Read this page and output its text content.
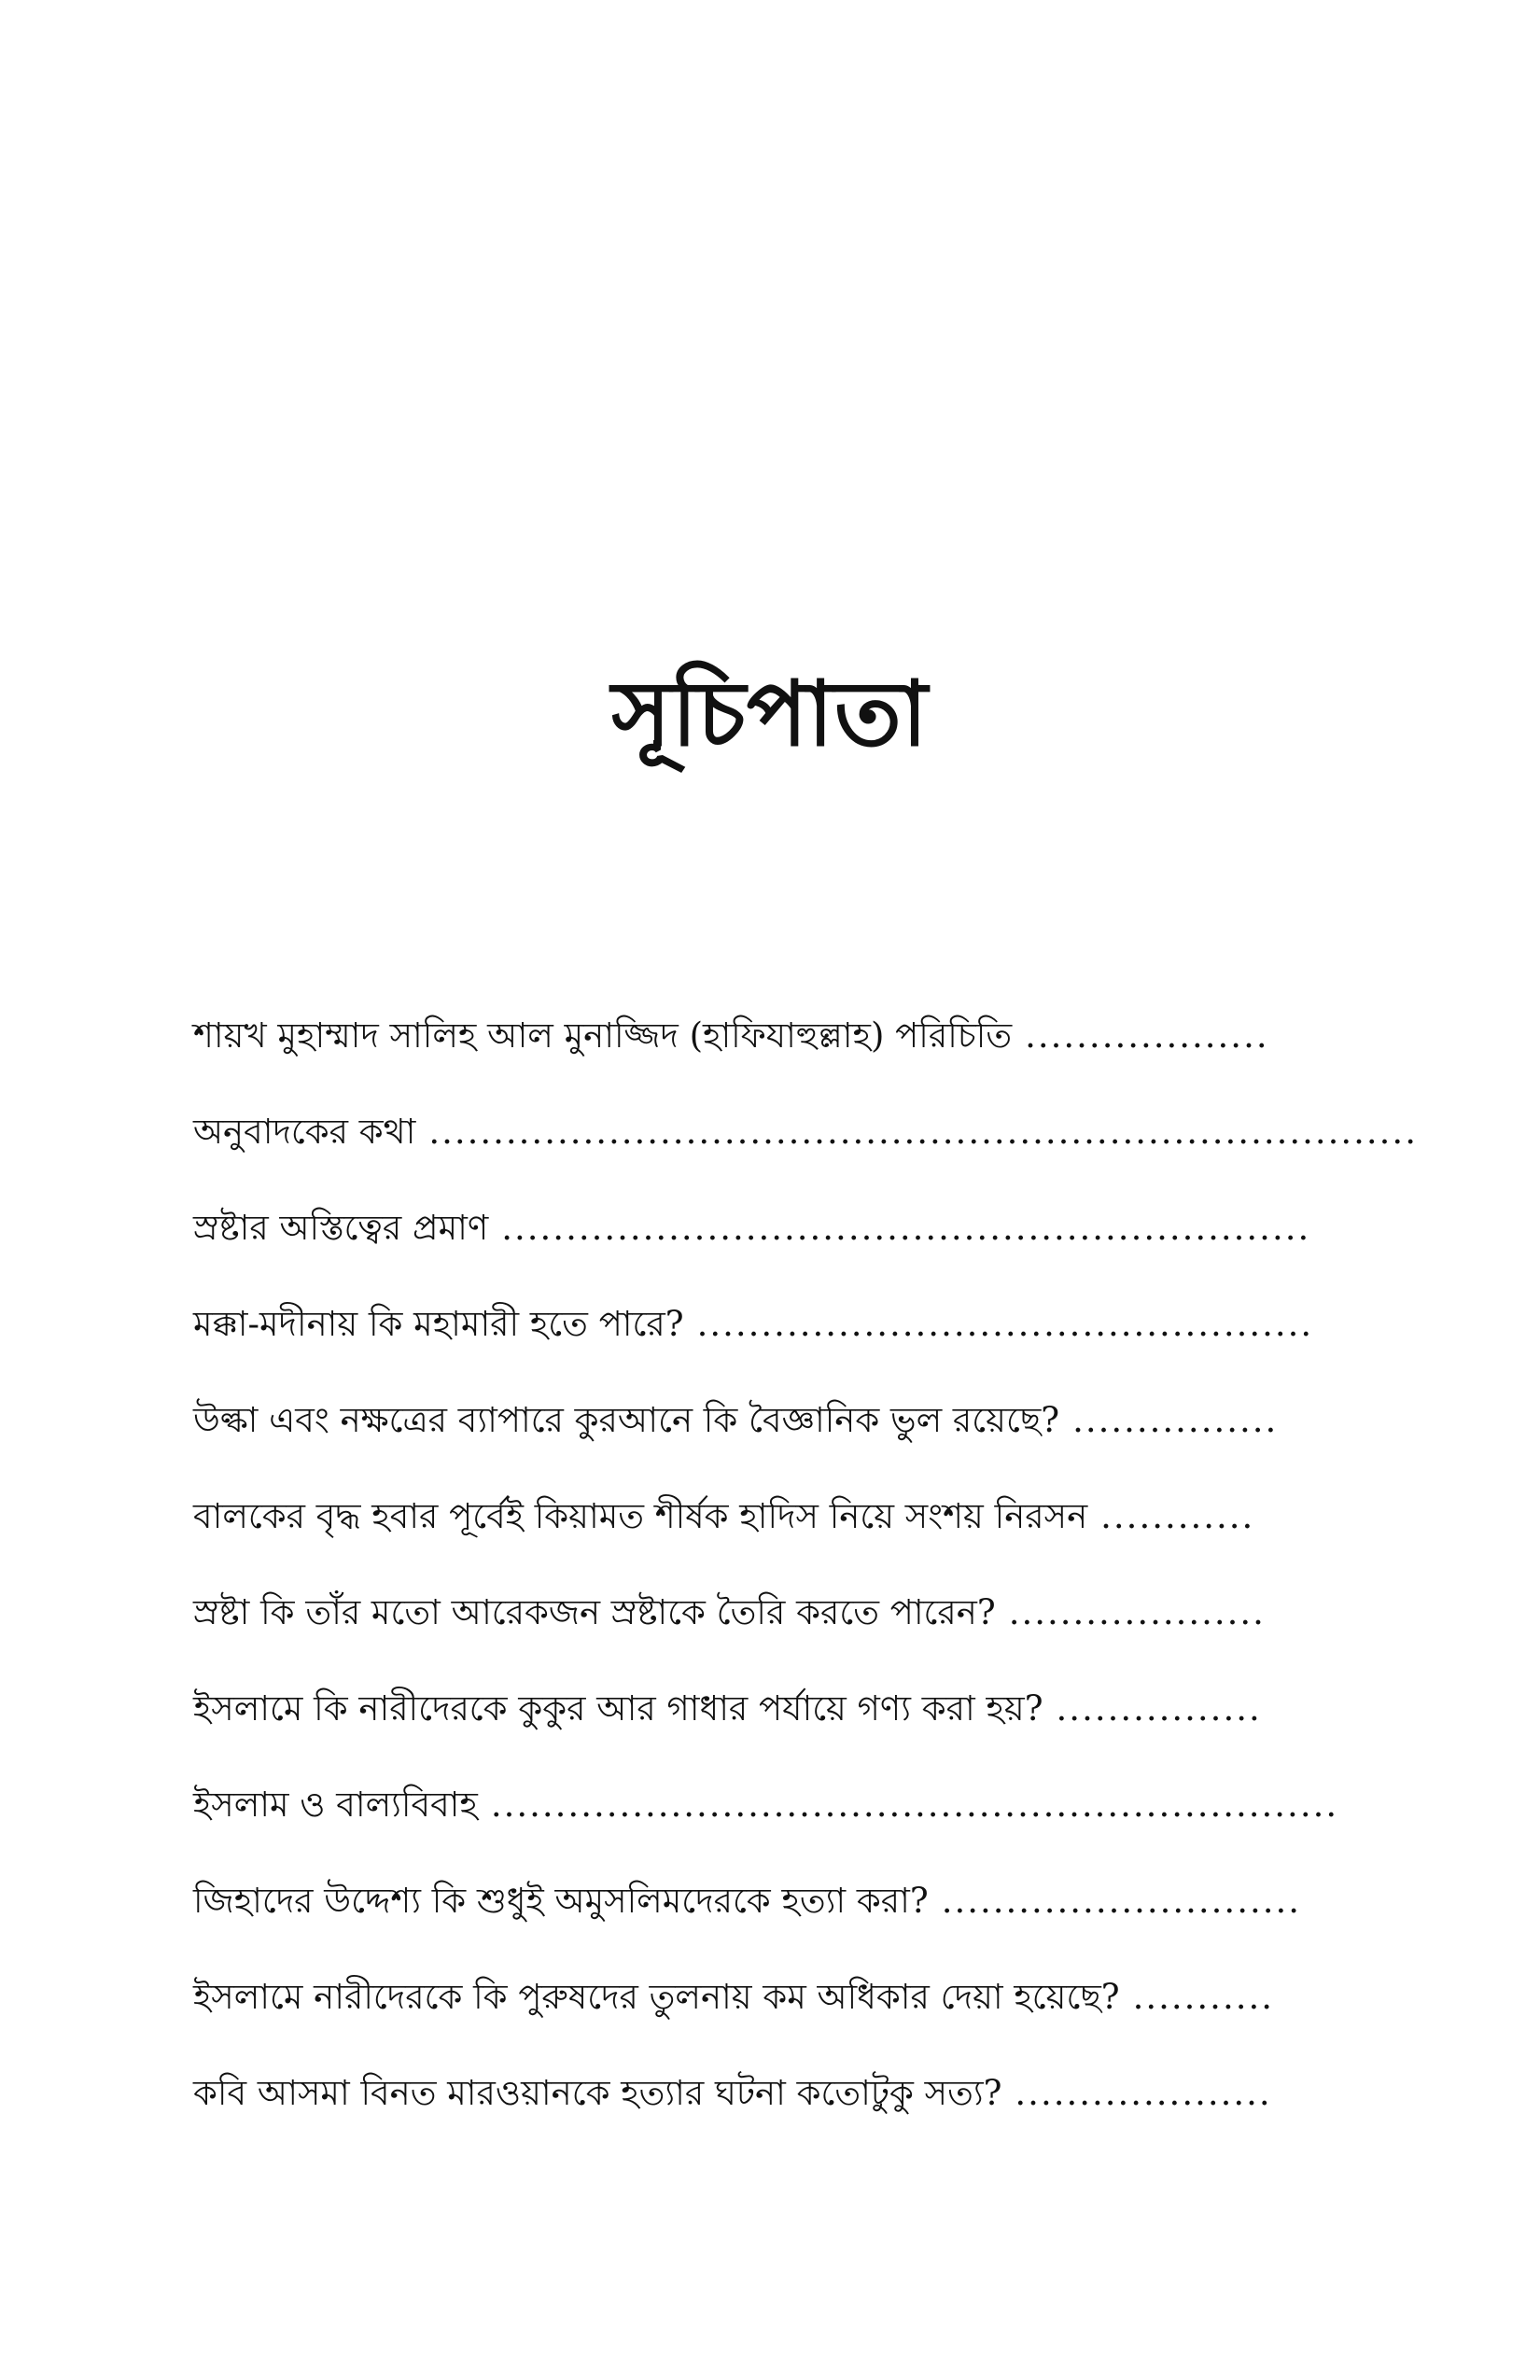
সূচিপাতা
শায়খ মুহাম্মাদ সালিহ আল মুনাজ্জিদ (হাফিযাহুল্লাহ) পরিচিতি ...................
অনুবাদকের কথা .............................................................................
স্রষ্টার অস্তিত্বের প্রমাণ ...............................................................
মক্কা-মদীনায় কি মহামারী হতে পারে? ................................................
উল্কা এবং নক্ষত্রের ব্যাপারে কুরআনে কি বৈজ্ঞানিক ভুল রয়েছে? ................
বালকের বৃদ্ধ হবার পূর্বেই কিয়ামত শীর্ষক হাদিস নিয়ে সংশয় নিরসন ............
স্রষ্টা কি তাঁর মতো আরেকজন স্রষ্টাকে তৈরি করতে পারেন? ....................
ইসলামে কি নারীদেরকে কুকুর আর গাধার পর্যায়ে গণ্য করা হয়? ................
ইসলাম ও বাল্যবিবাহ ..................................................................
জিহাদের উদ্দেশ্য কি শুধুই অমুসলিমদেরকে হত্যা করা? ............................
ইসলামে নারীদেরকে কি পুরুষদের তুলনায় কম অধিকার দেয়া হয়েছে? ...........
কবি আসমা বিনত মারওয়ানকে হত্যার ঘটনা কতোটুকু সত্য? ....................
